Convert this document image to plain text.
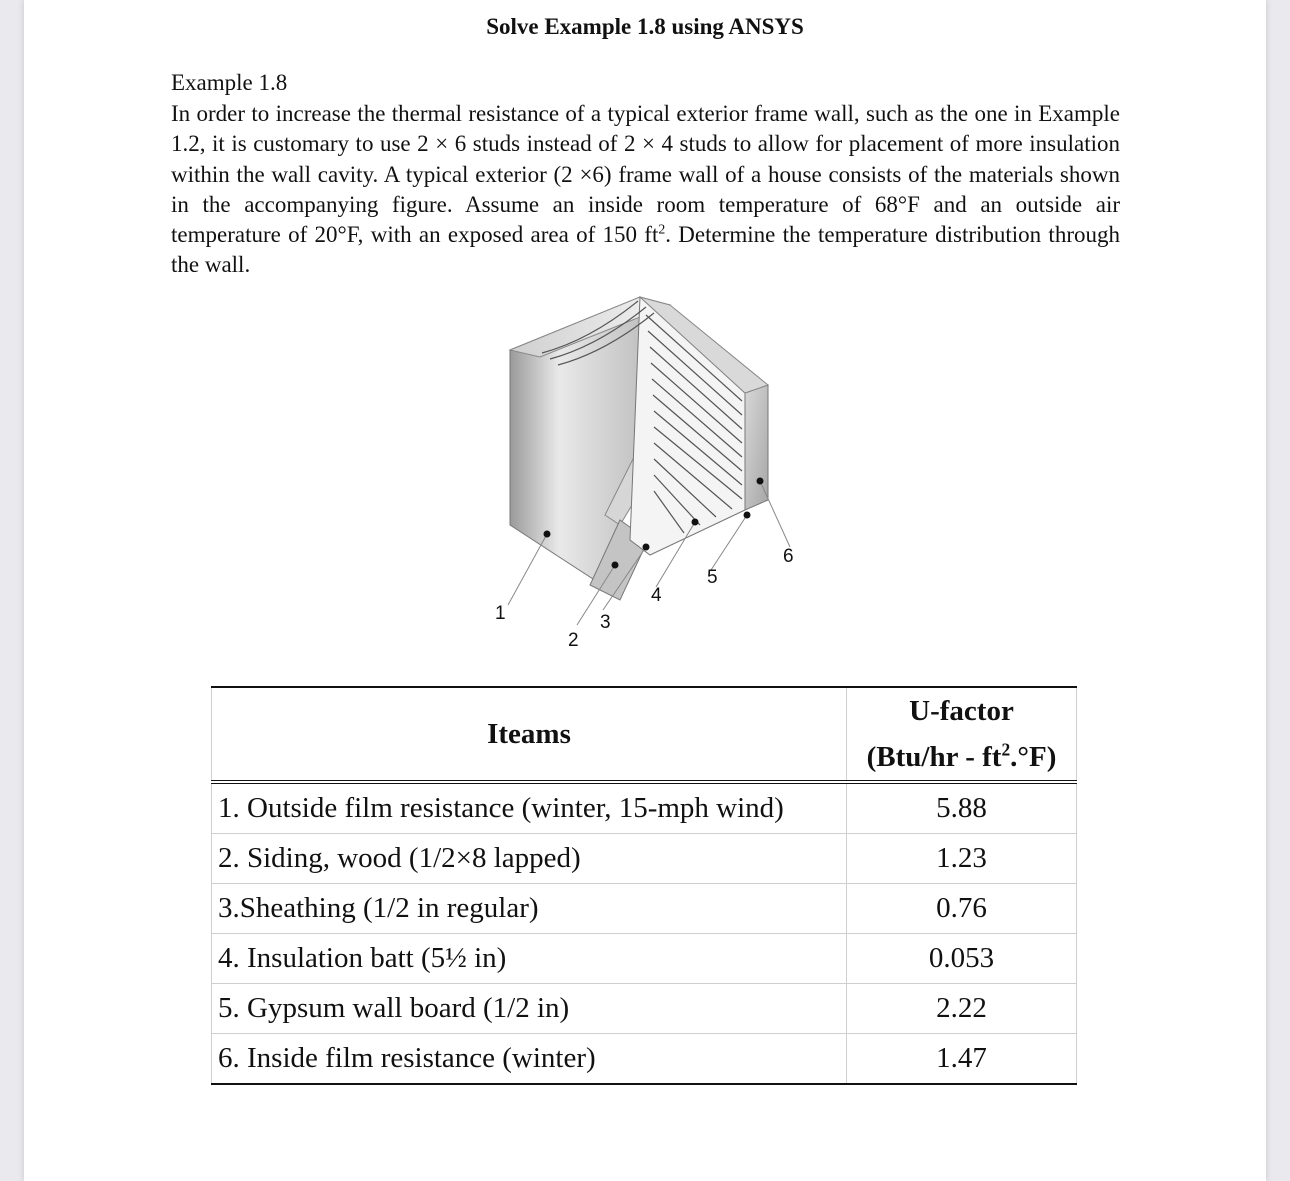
Solve Example 1.8 using ANSYS
Example 1.8
In order to increase the thermal resistance of a typical exterior frame wall, such as the one in Example 1.2, it is customary to use 2 × 6 studs instead of 2 × 4 studs to allow for placement of more insulation within the wall cavity. A typical exterior (2 ×6) frame wall of a house consists of the materials shown in the accompanying figure. Assume an inside room temperature of 68°F and an outside air temperature of 20°F, with an exposed area of 150 $ft^2$. Determine the temperature distribution through the wall.
1
2
3
4
5
6
Iteams	U-factor
$(Btu/hr - ft^2.^\circ F)$

1. Outside film resistance (winter, 15-mph wind)	5.88
2. Siding, wood (1/2×8 lapped)	1.23
3.Sheathing (1/2 in regular)	0.76
4. Insulation batt (5½ in)	0.053
5. Gypsum wall board (1/2 in)	2.22
6. Inside film resistance (winter)	1.47
